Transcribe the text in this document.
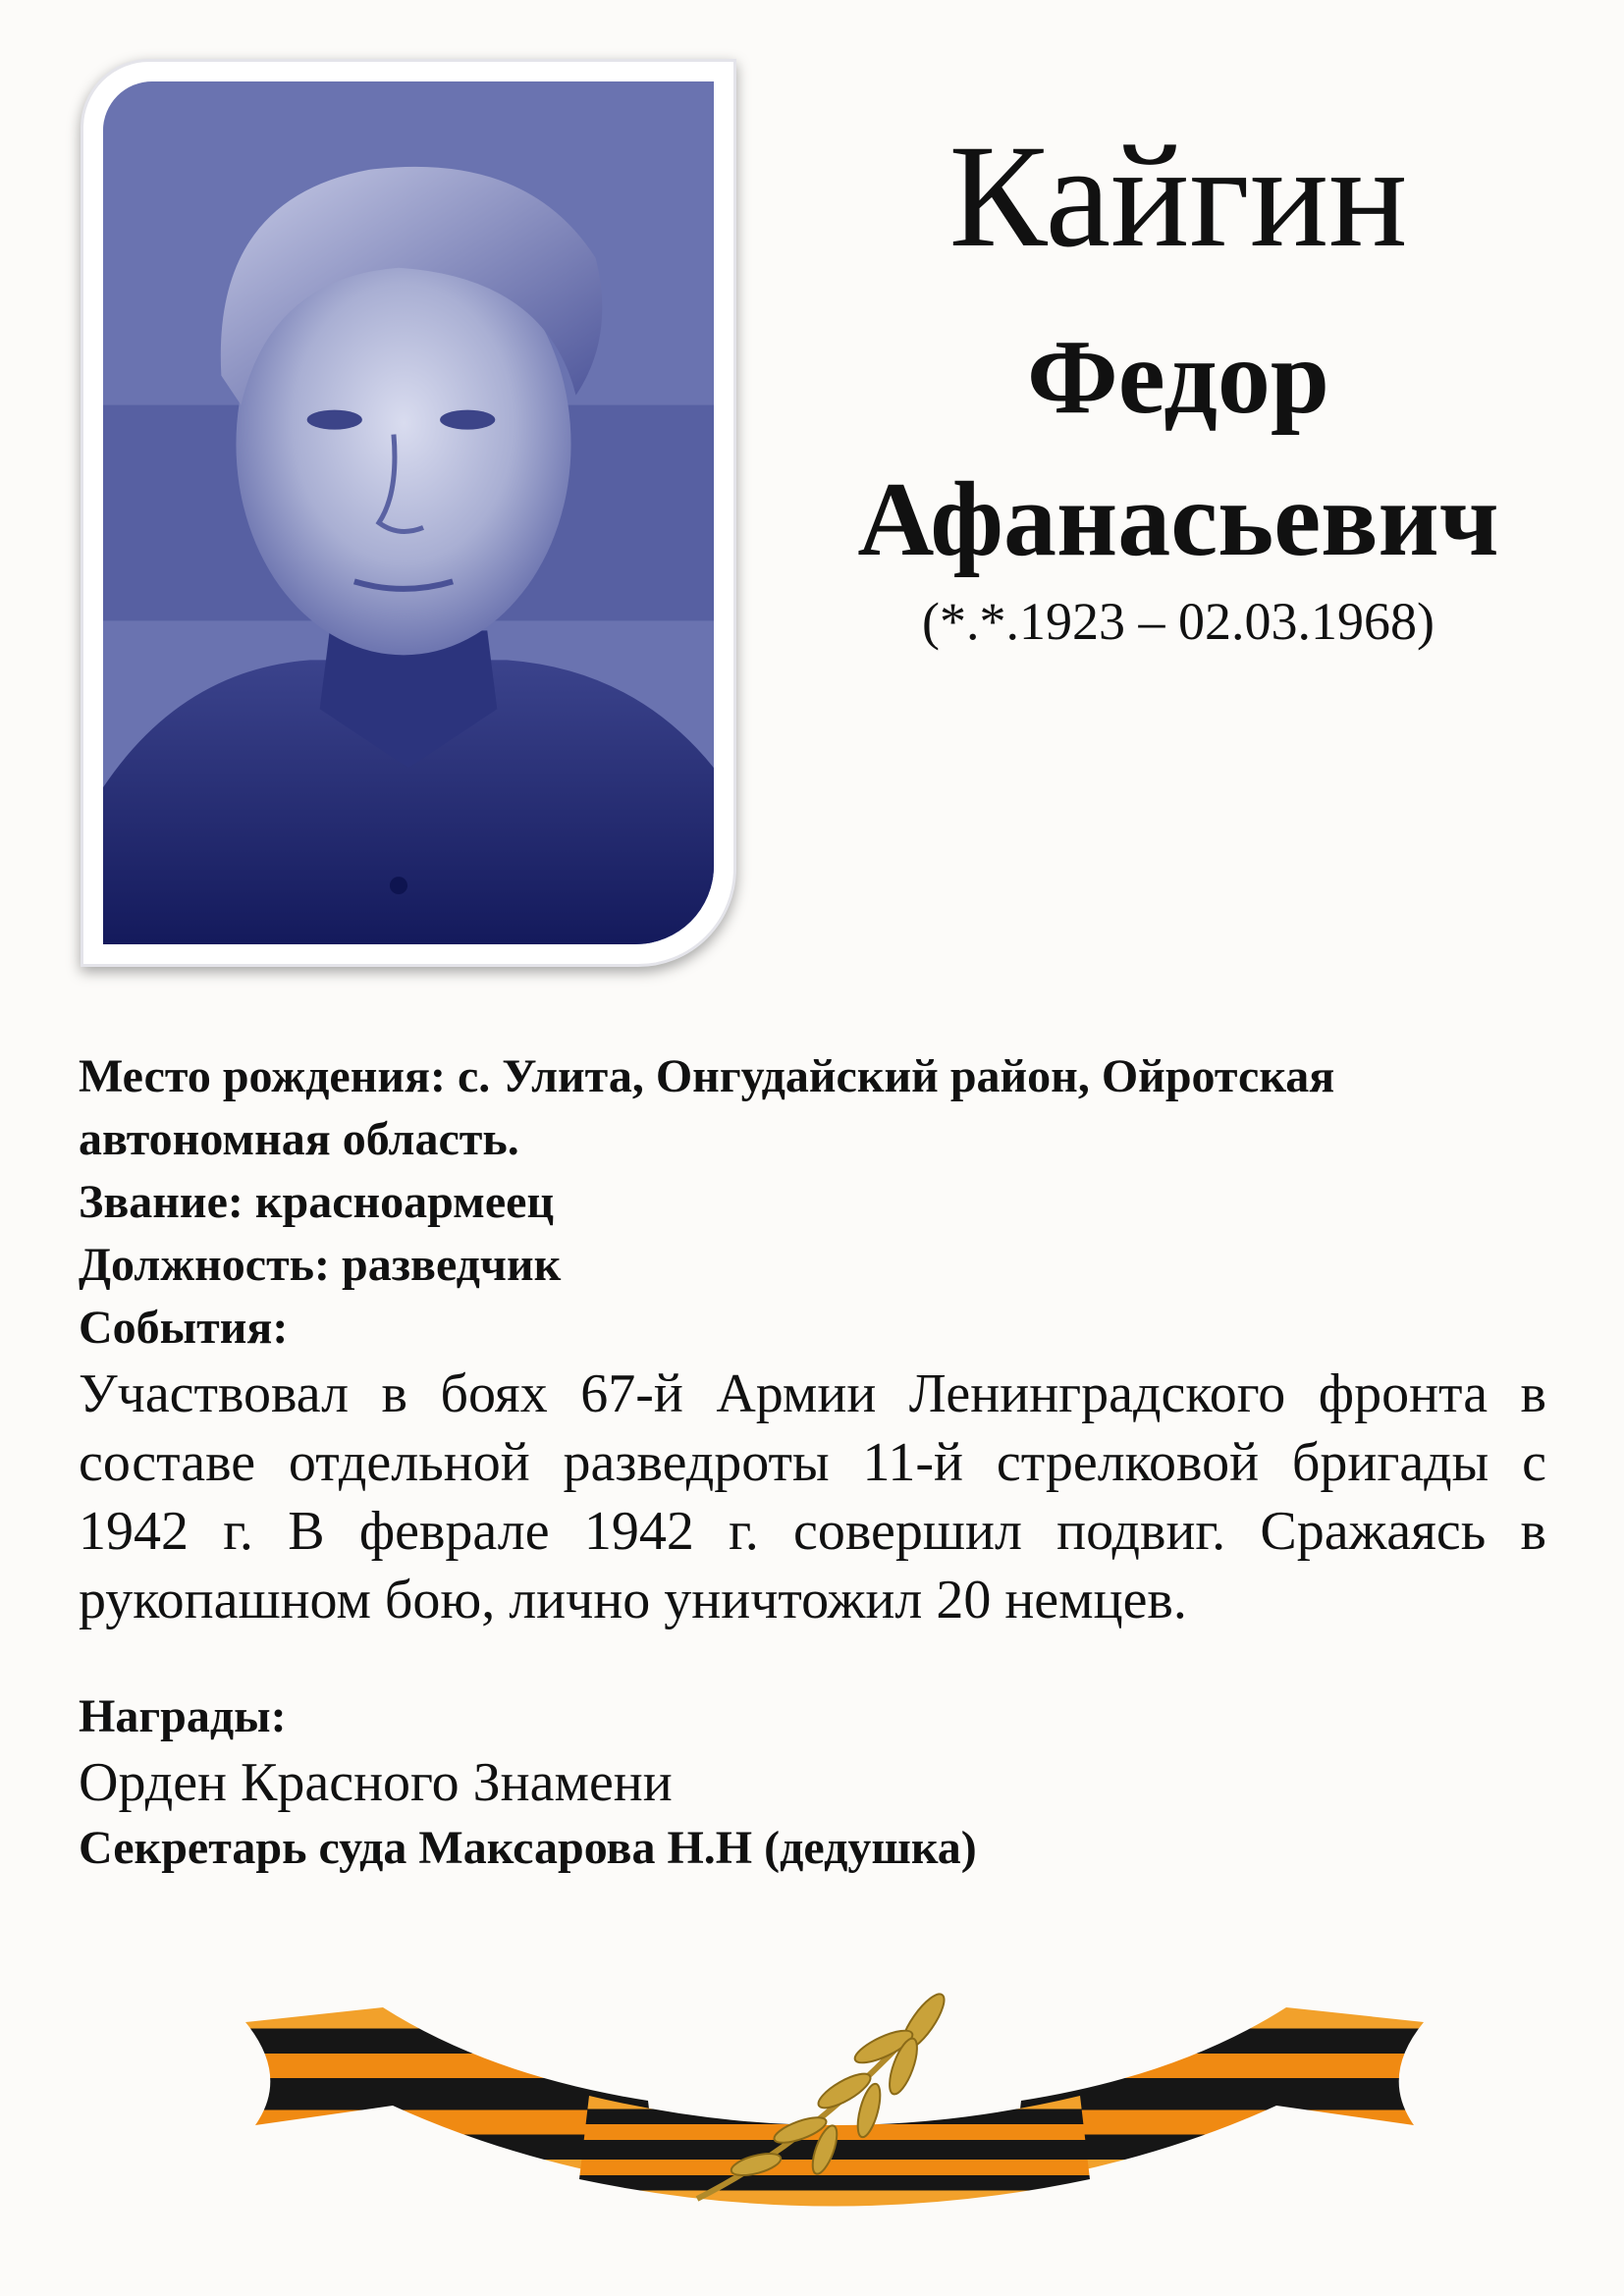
Кайгин
Федор
Афанасьевич
(*.*.1923 – 02.03.1968)

Место рождения: с. Улита, Онгудайский район, Ойротская автономная область.

Звание: красноармеец

Должность: разведчик

События:

Участвовал в боях 67-й Армии Ленинградского фронта в составе отдельной разведроты 11-й стрелковой бригады с 1942 г. В феврале 1942 г. совершил подвиг. Сражаясь в рукопашном бою, лично уничтожил 20 немцев.

Награды:

Орден Красного Знамени

Секретарь суда Максарова Н.Н (дедушка)
